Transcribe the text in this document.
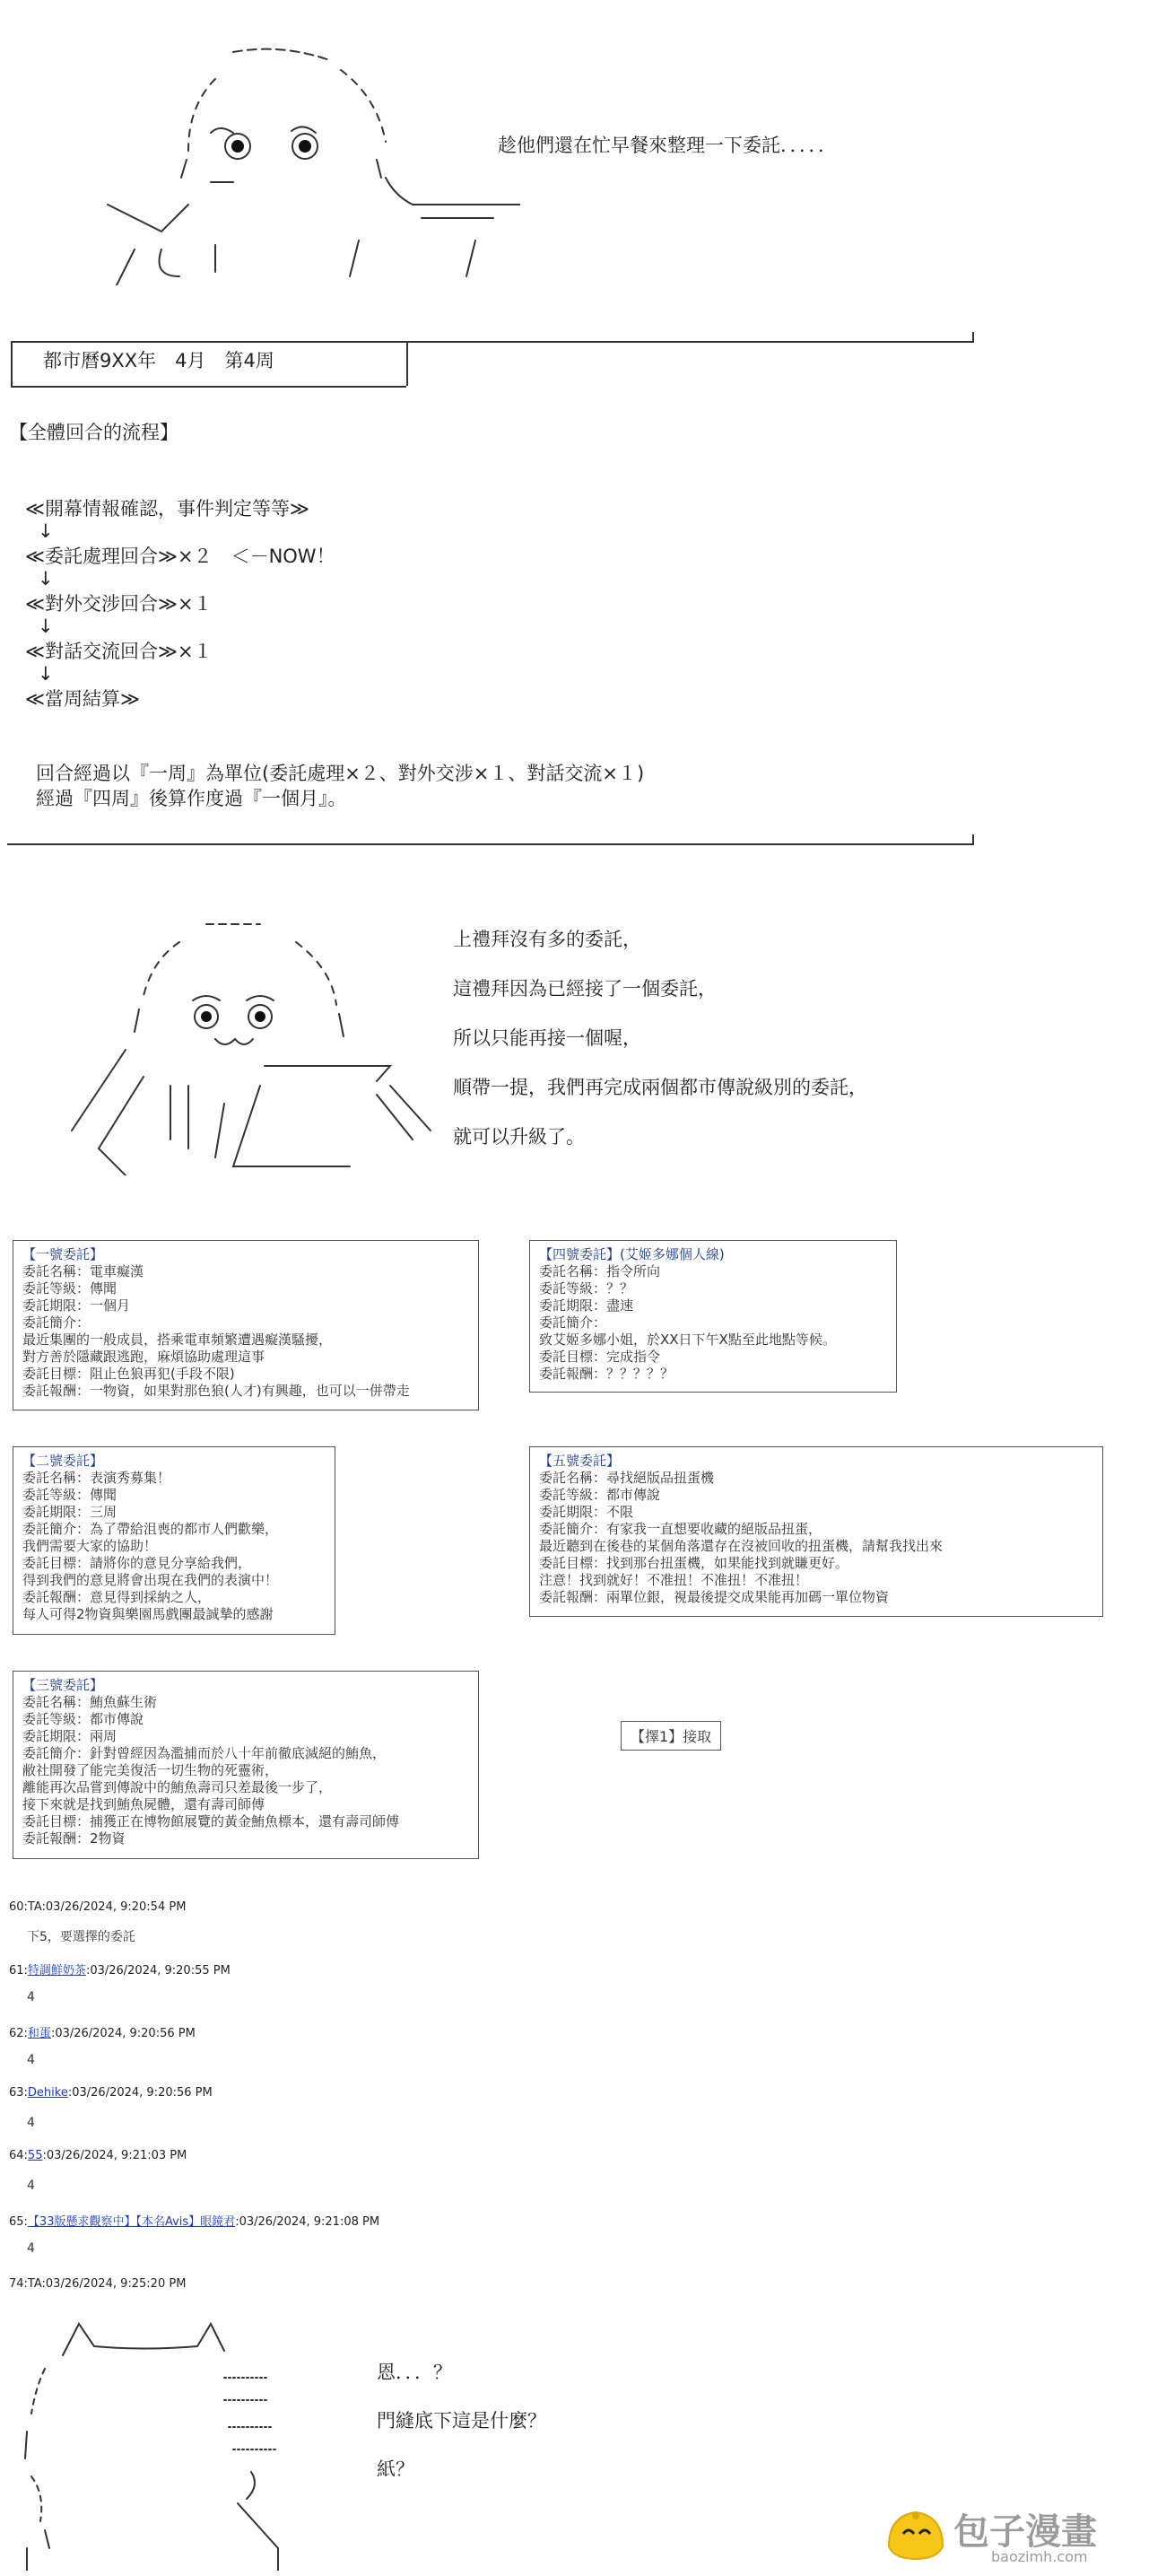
趁他們還在忙早餐來整理一下委託．．．．．
都市曆9XX年　4月　第4周
【全體回合的流程】
≪開幕情報確認，事件判定等等≫
↓
≪委託處理回合≫×２　＜－NOW！
↓
≪對外交涉回合≫×１
↓
≪對話交流回合≫×１
↓
≪當周結算≫
回合經過以『一周』為單位(委託處理×２、對外交涉×１、對話交流×１)
經過『四周』後算作度過『一個月』。
上禮拜沒有多的委託，
這禮拜因為已經接了一個委託，
所以只能再接一個喔，
順帶一提，我們再完成兩個都市傳說級別的委託，
就可以升級了。
【一號委託】
委託名稱：電車癡漢
委託等級：傳聞
委託期限：一個月
委託簡介：
最近集團的一般成員，搭乘電車頻繁遭遇癡漢騷擾，
對方善於隱藏跟逃跑，麻煩協助處理這事
委託目標：阻止色狼再犯(手段不限)
委託報酬：一物資，如果對那色狼(人才)有興趣，也可以一併帶走
【四號委託】(艾姬多娜個人線)
委託名稱：指令所向
委託等級：？？
委託期限：盡速
委託簡介：
致艾姬多娜小姐，於XX日下午X點至此地點等候。
委託目標：完成指令
委託報酬：？？？？？
【二號委託】
委託名稱：表演秀募集！
委託等級：傳聞
委託期限：三周
委託簡介：為了帶給沮喪的都市人們歡樂，
我們需要大家的協助！
委託目標：請將你的意見分享給我們，
得到我們的意見將會出現在我們的表演中！
委託報酬：意見得到採納之人，
每人可得2物資與樂園馬戲團最誠摯的感謝
【五號委託】
委託名稱：尋找絕版品扭蛋機
委託等級：都市傳說
委託期限：不限
委託簡介：有家我一直想要收藏的絕版品扭蛋，
最近聽到在後巷的某個角落還存在沒被回收的扭蛋機，請幫我找出來
委託目標：找到那台扭蛋機，如果能找到就賺更好。
注意！找到就好！不准扭！不准扭！不准扭！
委託報酬：兩單位銀，視最後提交成果能再加碼一單位物資
【三號委託】
委託名稱：鮪魚蘇生術
委託等級：都市傳說
委託期限：兩周
委託簡介：針對曾經因為濫捕而於八十年前徹底滅絕的鮪魚，
敝社開發了能完美復活一切生物的死靈術，
離能再次品嘗到傳說中的鮪魚壽司只差最後一步了，
接下來就是找到鮪魚屍體，還有壽司師傅
委託目標：捕獲正在博物館展覽的黃金鮪魚標本，還有壽司師傅
委託報酬：2物資
【擇1】接取
60:TA:03/26/2024, 9:20:54 PM
下5，要選擇的委託
61:特調鮮奶茶:03/26/2024, 9:20:55 PM
4
62:和蛋:03/26/2024, 9:20:56 PM
4
63:Dehike:03/26/2024, 9:20:56 PM
4
64:55:03/26/2024, 9:21:03 PM
4
65:【33版懸求觀察中】【本名Avis】眼鏡君:03/26/2024, 9:21:08 PM
4
74:TA:03/26/2024, 9:25:20 PM
恩．．．？
門縫底下這是什麼？
紙？
包子漫畫
baozimh.com
